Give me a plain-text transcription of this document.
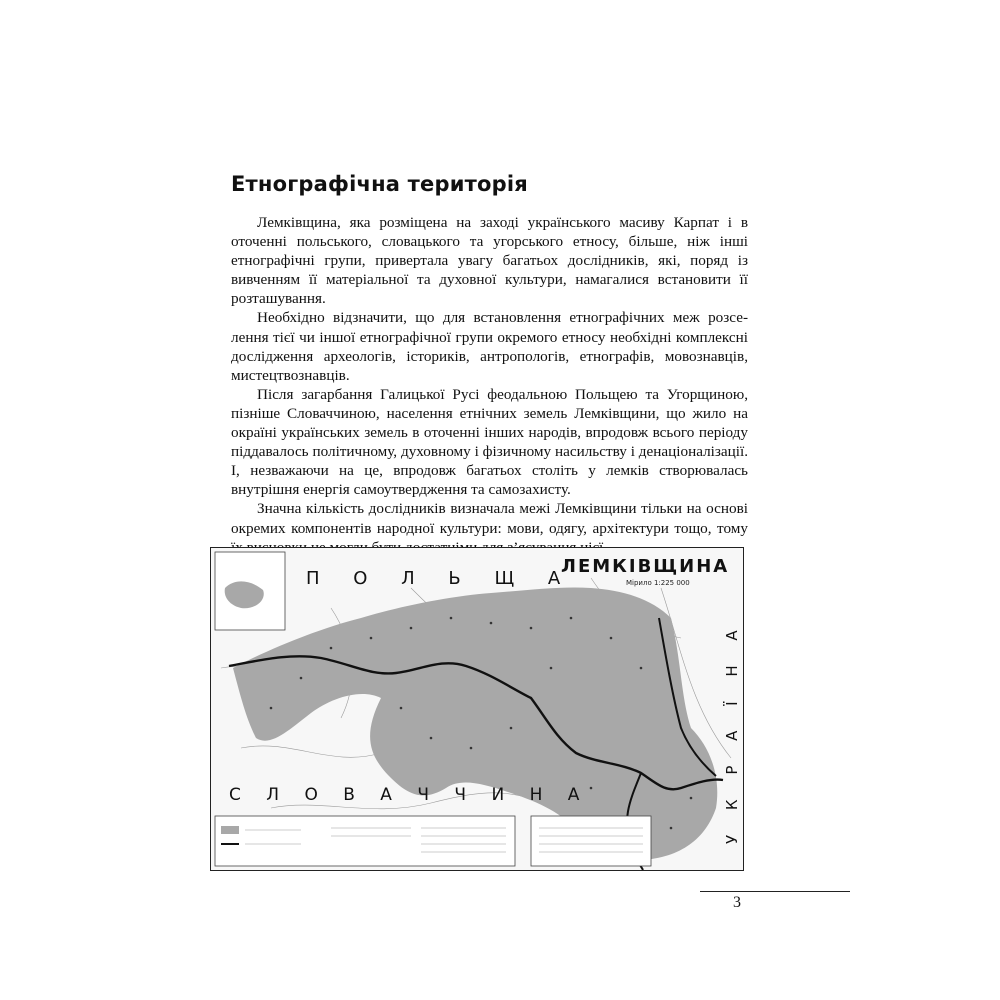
Етнографічна територія

Лемківщина, яка розміщена на заході українського масиву Карпат і в оточенні польського, словацького та угорського етносу, більше, ніж інші етнографічні групи, привертала увагу багатьох дослідників, які, поряд із вивченням її матеріальної та духовної культури, намагалися встановити її розташування.

Необхідно відзначити, що для встановлення етнографічних меж розселення тієї чи іншої етнографічної групи окремого етносу необхідні комплексні дослідження археологів, істориків, антропологів, етнографів, мовознавців, мистецтвознавців.

Після загарбання Галицької Русі феодальною Польщею та Угорщиною, пізніше Словаччиною, населення етнічних земель Лемківщини, що жило на окраїні українських земель в оточенні інших народів, впродовж всього періоду піддавалось політичному, духовному і фізичному насильству і денаціоналізації. І, незважаючи на це, впродовж багатьох століть у лемків створювалась внутрішня енергія самоутвердження та самозахисту.

Значна кількість дослідників визначала межі Лемківщини тільки на основі окремих компонентів народної культури: мови, одягу, архітектури тощо, тому

ЛЕМКІВЩИНА
Мірило 1:225 000
П О Л Ь Щ А
С Л О В А Ч Ч И Н А	У К Р А Ї Н А
3
